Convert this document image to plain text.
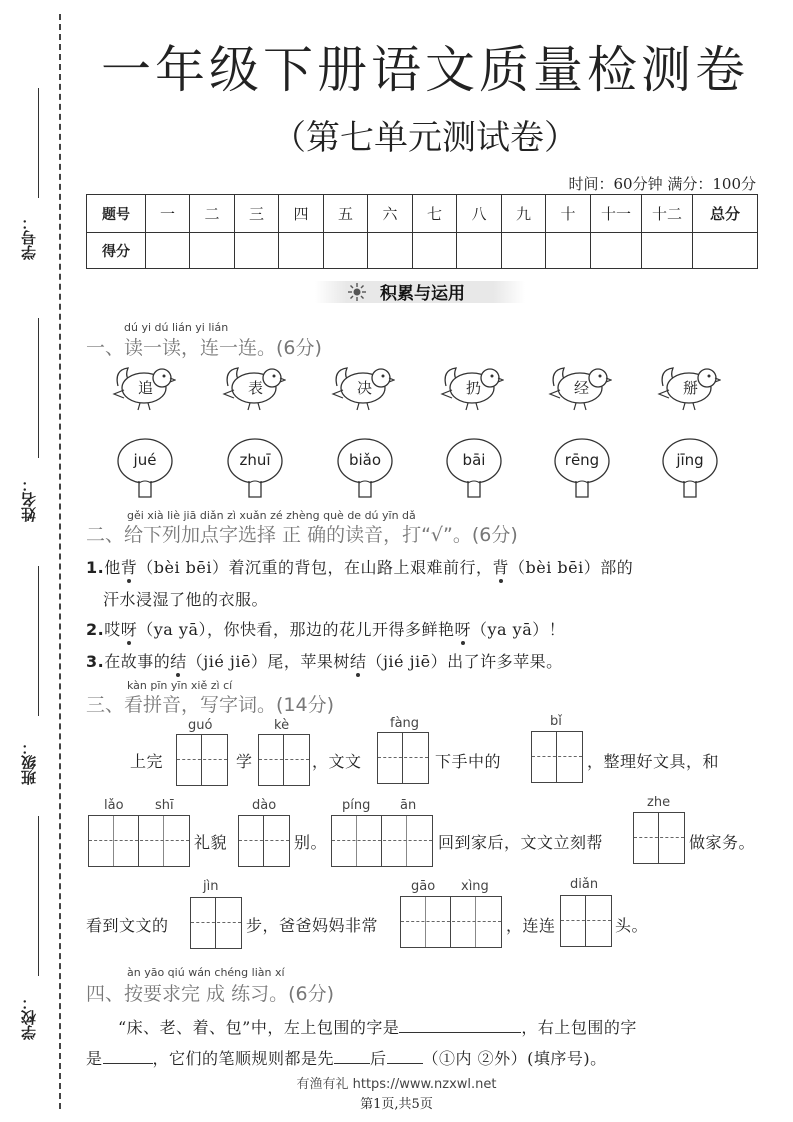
学号：
姓名：
班级：
学校：
一年级下册语文质量检测卷
（第七单元测试卷）
时间：60分钟 满分：100分
题号	一	二	三	四	五	六	七	八	九	十	十一	十二	总分
得分													
积累与运用
dú yi dú lián yi lián
一、读一读，连一连。(6分)
追	表	决	扔	经	掰
jué	zhuī	biǎo	bāi	rēng	jīng
gěi xià liè jiā diǎn zì xuǎn zé zhèng què de dú yīn dǎ
二、给下列加点字选择 正 确的读音，打“√”。(6分)
1.他背（bèi bēi）着沉重的背包，在山路上艰难前行，背（bèi bēi）部的
汗水浸湿了他的衣服。
2.哎呀（ya yā），你快看，那边的花儿开得多鲜艳呀（ya yā）！
3.在故事的结（jié jiē）尾，苹果树结（jié jiē）出了许多苹果。
kàn pīn yīn xiě zì cí
三、看拼音，写字词。(14分)
guó	kè	fàng	bǐ
上完	学	，文文	下手中的	，整理好文具，和
lǎo shī	dào	píng ān	zhe
礼貌	别。	回到家后，文文立刻帮	做家务。
jìn	gāo xìng	diǎn
看到文文的	步，爸爸妈妈非常	，连连	头。
àn yāo qiú wán chéng liàn xí
四、按要求完 成 练习。(6分)
“床、老、着、包”中，左上包围的字是	，右上包围的字
是	，它们的笔顺规则都是先 后 （①内 ②外）(填序号)。
有渔有礼 https://www.nzxwl.net
第1页,共5页
